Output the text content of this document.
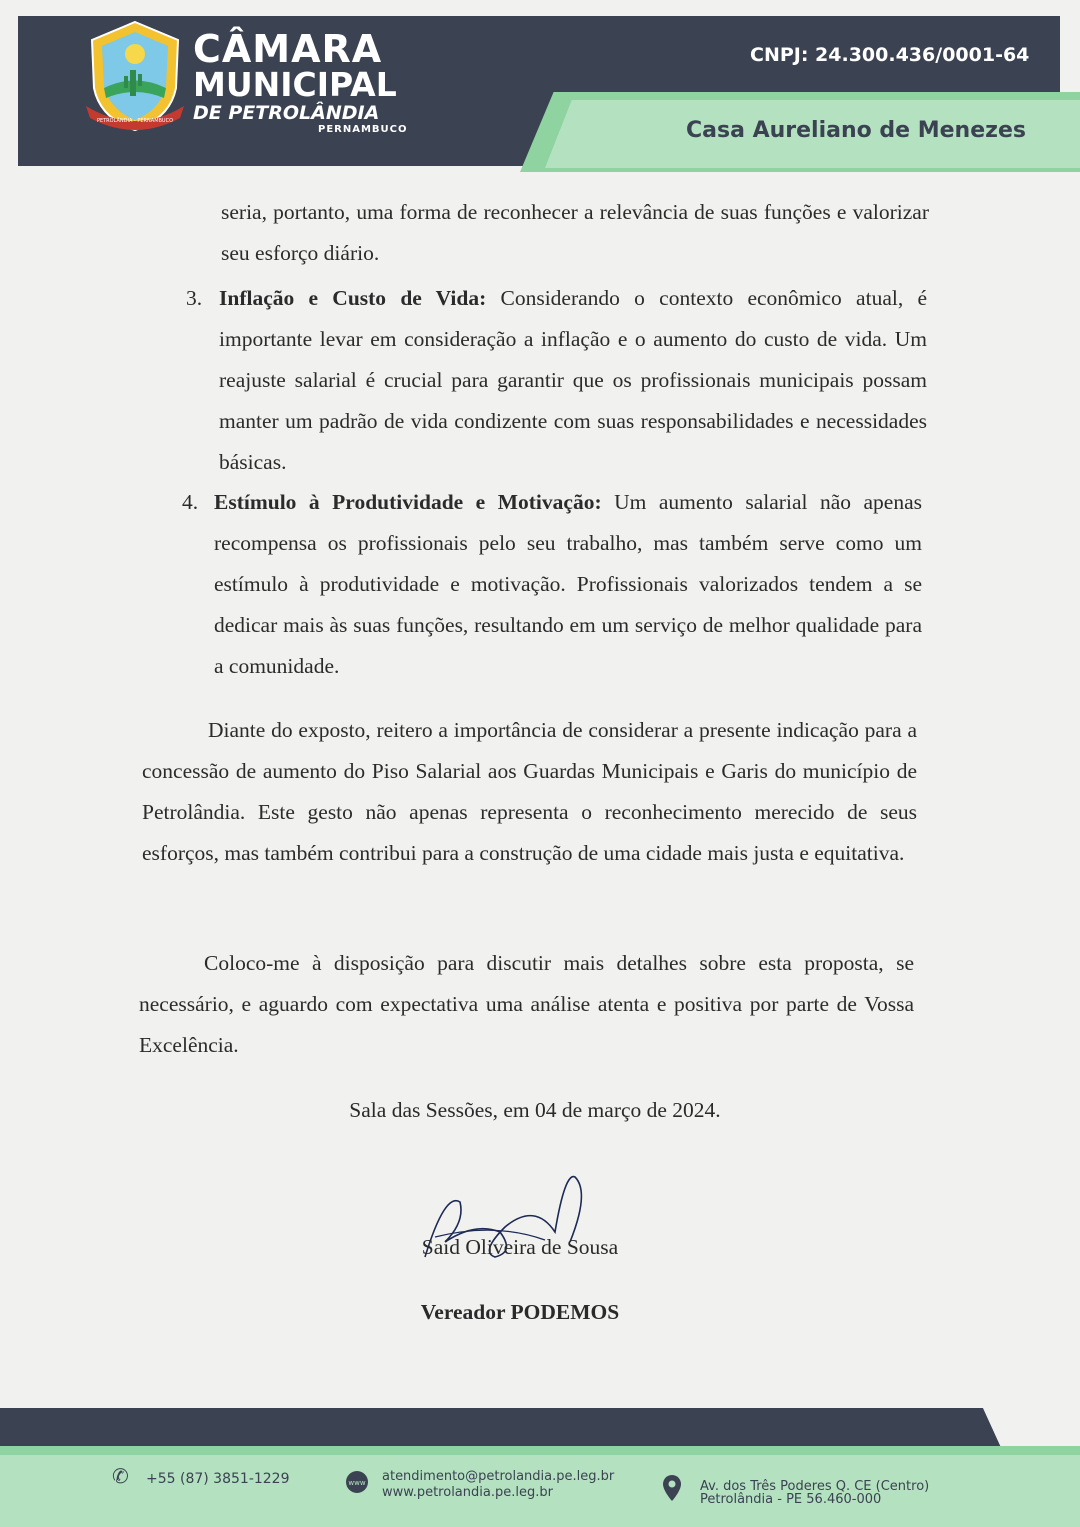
PETROLÂNDIA - PERNAMBUCO
CÂMARA
MUNICIPAL
DE PETROLÂNDIA
PERNAMBUCO
CNPJ: 24.300.436/0001-64
Casa Aureliano de Menezes
seria, portanto, uma forma de reconhecer a relevância de suas funções e valorizar seu esforço diário.
3. Inflação e Custo de Vida: Considerando o contexto econômico atual, é importante levar em consideração a inflação e o aumento do custo de vida. Um reajuste salarial é crucial para garantir que os profissionais municipais possam manter um padrão de vida condizente com suas responsabilidades e necessidades básicas.
4. Estímulo à Produtividade e Motivação: Um aumento salarial não apenas recompensa os profissionais pelo seu trabalho, mas também serve como um estímulo à produtividade e motivação. Profissionais valorizados tendem a se dedicar mais às suas funções, resultando em um serviço de melhor qualidade para a comunidade.
Diante do exposto, reitero a importância de considerar a presente indicação para a concessão de aumento do Piso Salarial aos Guardas Municipais e Garis do município de Petrolândia. Este gesto não apenas representa o reconhecimento merecido de seus esforços, mas também contribui para a construção de uma cidade mais justa e equitativa.
Coloco-me à disposição para discutir mais detalhes sobre esta proposta, se necessário, e aguardo com expectativa uma análise atenta e positiva por parte de Vossa Excelência.
Sala das Sessões, em 04 de março de 2024.
Said Oliveira de Sousa
Vereador PODEMOS
✆ +55 (87) 3851-1229	www atendimento@petrolandia.pe.leg.br
www.petrolandia.pe.leg.br	Av. dos Três Poderes Q. CE (Centro)
Petrolândia - PE 56.460-000
